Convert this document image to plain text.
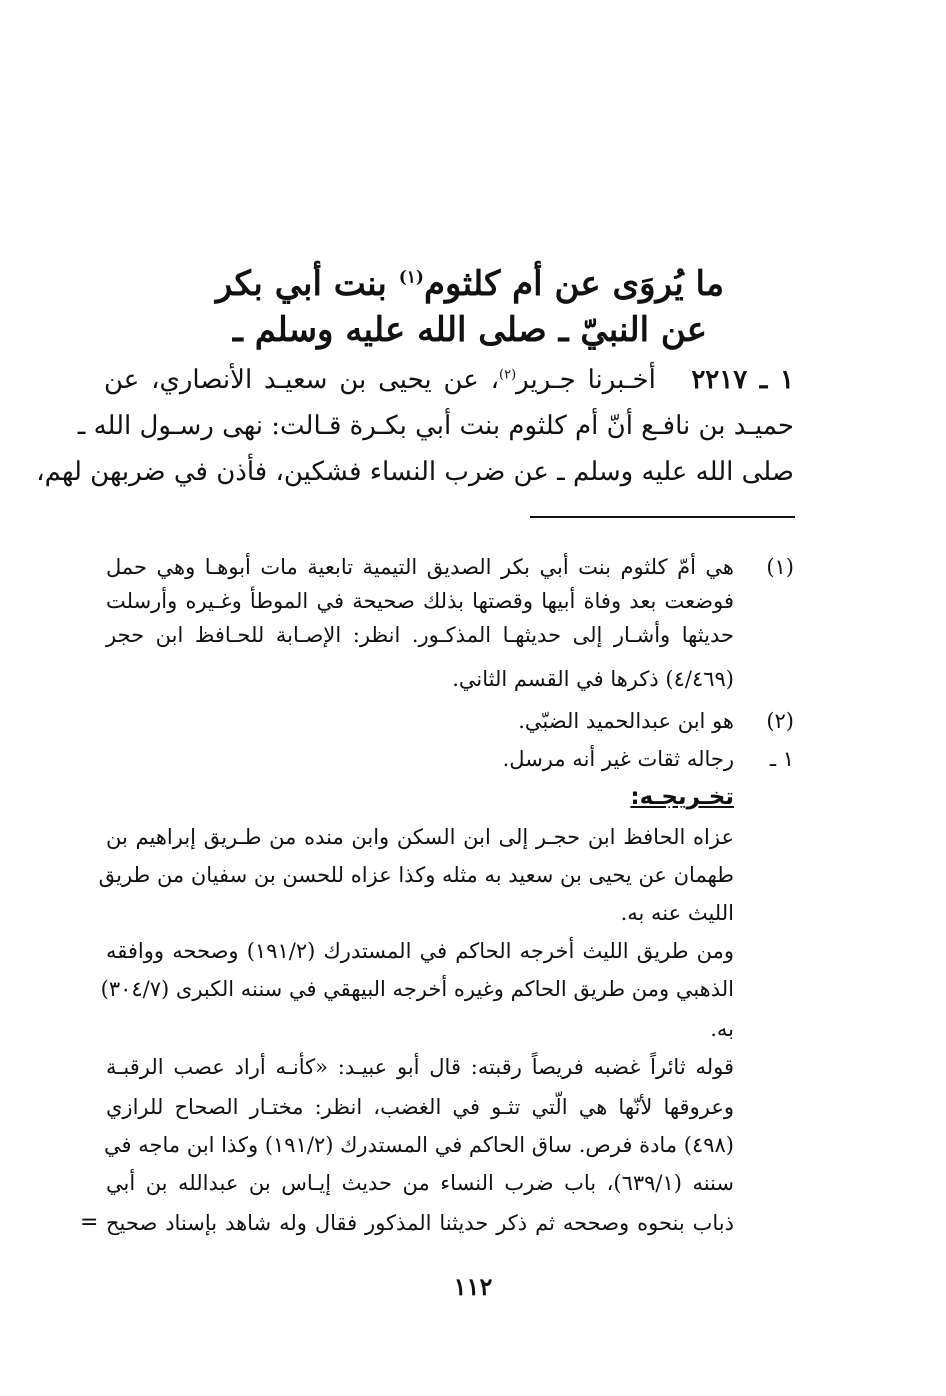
ما يُروَى عن أم كلثوم$^{(١)}$ بنت أبي بكر
عن النبيّ ـ صلى الله عليه وسلم ـ
١ ـ ٢٢١٧   أخـبرنا جـرير$^{(٢)}$، عن يحيى بن سعيـد الأنصاري، عن
حميـد بن نافـع أنّ أم كلثوم بنت أبي بكـرة قـالت: نهى رسـول الله ـ
صلى الله عليه وسلم ـ عن ضرب النساء فشكين، فأذن في ضربهن لهم،
(١)
هي أمّ كلثوم بنت أبي بكر الصديق التيمية تابعية مات أبوهـا وهي حمل
فوضعت بعد وفاة أبيها وقصتها بذلك صحيحة في الموطأ وغـيره وأرسلت
حديثها وأشـار إلى حديثهـا المذكـور. انظر: الإصـابة للحـافظ ابن حجر
(٤/٤٦٩) ذكرها في القسم الثاني.
(٢)
هو ابن عبدالحميد الضبّي.
١ ـ
رجاله ثقات غير أنه مرسل.
تخـريجـه:
عزاه الحافظ ابن حجـر إلى ابن السكن وابن منده من طـريق إبراهيم بن
طهمان عن يحيى بن سعيد به مثله وكذا عزاه للحسن بن سفيان من طريق
الليث عنه به.
ومن طريق الليث أخرجه الحاكم في المستدرك (١٩١/٢) وصححه ووافقه
الذهبي ومن طريق الحاكم وغيره أخرجه البيهقي في سننه الكبرى (٣٠٤/٧)
به.
قوله ثائراً غضبه فريصاً رقبته: قال أبو عبيـد: «كأنـه أراد عصب الرقبـة
وعروقها لأنّها هي الّتي تثـو في الغضب، انظر: مختـار الصحاح للرازي
(٤٩٨) مادة فرص. ساق الحاكم في المستدرك (١٩١/٢) وكذا ابن ماجه في
سننه (٦٣٩/١)، باب ضرب النساء من حديث إيـاس بن عبدالله بن أبي
ذباب بنحوه وصححه ثم ذكر حديثنا المذكور فقال وله شاهد بإسناد صحيح
=
١١٢
